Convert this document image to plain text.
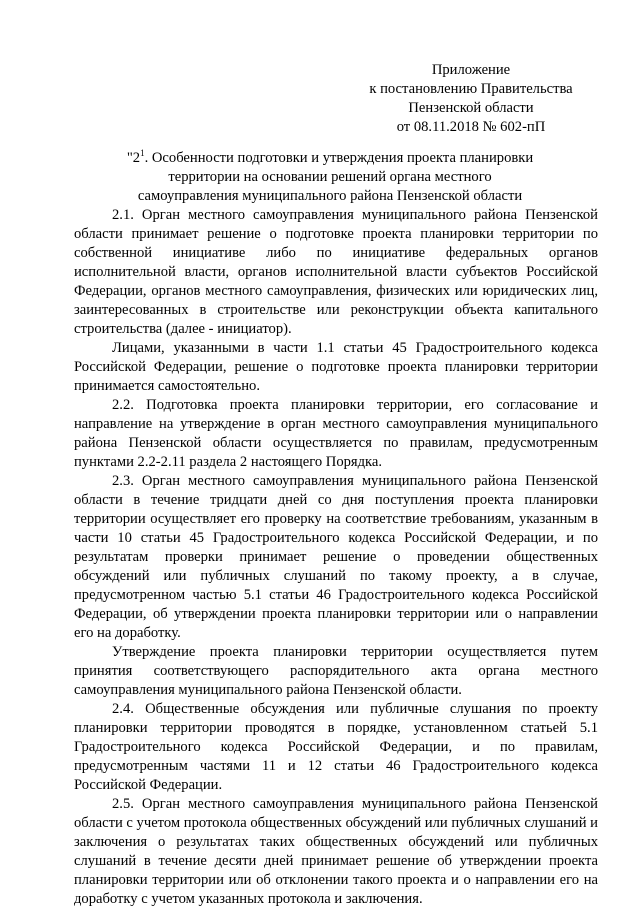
Приложение
к постановлению Правительства
Пензенской области
от 08.11.2018 № 602-пП
"$2^1$. Особенности подготовки и утверждения проекта планировки
территории на основании решений органа местного
самоуправления муниципального района Пензенской области

2.1. Орган местного самоуправления муниципального района Пензенской области принимает решение о подготовке проекта планировки территории по собственной инициативе либо по инициативе федеральных органов исполнительной власти, органов исполнительной власти субъектов Российской Федерации, органов местного самоуправления, физических или юридических лиц, заинтересованных в строительстве или реконструкции объекта капитального строительства (далее - инициатор).

Лицами, указанными в части 1.1 статьи 45 Градостроительного кодекса Российской Федерации, решение о подготовке проекта планировки территории принимается самостоятельно.

2.2. Подготовка проекта планировки территории, его согласование и направление на утверждение в орган местного самоуправления муниципального района Пензенской области осуществляется по правилам, предусмотренным пунктами 2.2-2.11 раздела 2 настоящего Порядка.

2.3. Орган местного самоуправления муниципального района Пензенской области в течение тридцати дней со дня поступления проекта планировки территории осуществляет его проверку на соответствие требованиям, указанным в части 10 статьи 45 Градостроительного кодекса Российской Федерации, и по результатам проверки принимает решение о проведении общественных обсуждений или публичных слушаний по такому проекту, а в случае, предусмотренном частью 5.1 статьи 46 Градостроительного кодекса Российской Федерации, об утверждении проекта планировки территории или о направлении его на доработку.

Утверждение проекта планировки территории осуществляется путем принятия соответствующего распорядительного акта органа местного самоуправления муниципального района Пензенской области.

2.4. Общественные обсуждения или публичные слушания по проекту планировки территории проводятся в порядке, установленном статьей 5.1 Градостроительного кодекса Российской Федерации, и по правилам, предусмотренным частями 11 и 12 статьи 46 Градостроительного кодекса Российской Федерации.

2.5. Орган местного самоуправления муниципального района Пензенской области с учетом протокола общественных обсуждений или публичных слушаний и заключения о результатах таких общественных обсуждений или публичных слушаний в течение десяти дней принимает решение об утверждении проекта планировки территории или об отклонении такого проекта и о направлении его на доработку с учетом указанных протокола и заключения.
